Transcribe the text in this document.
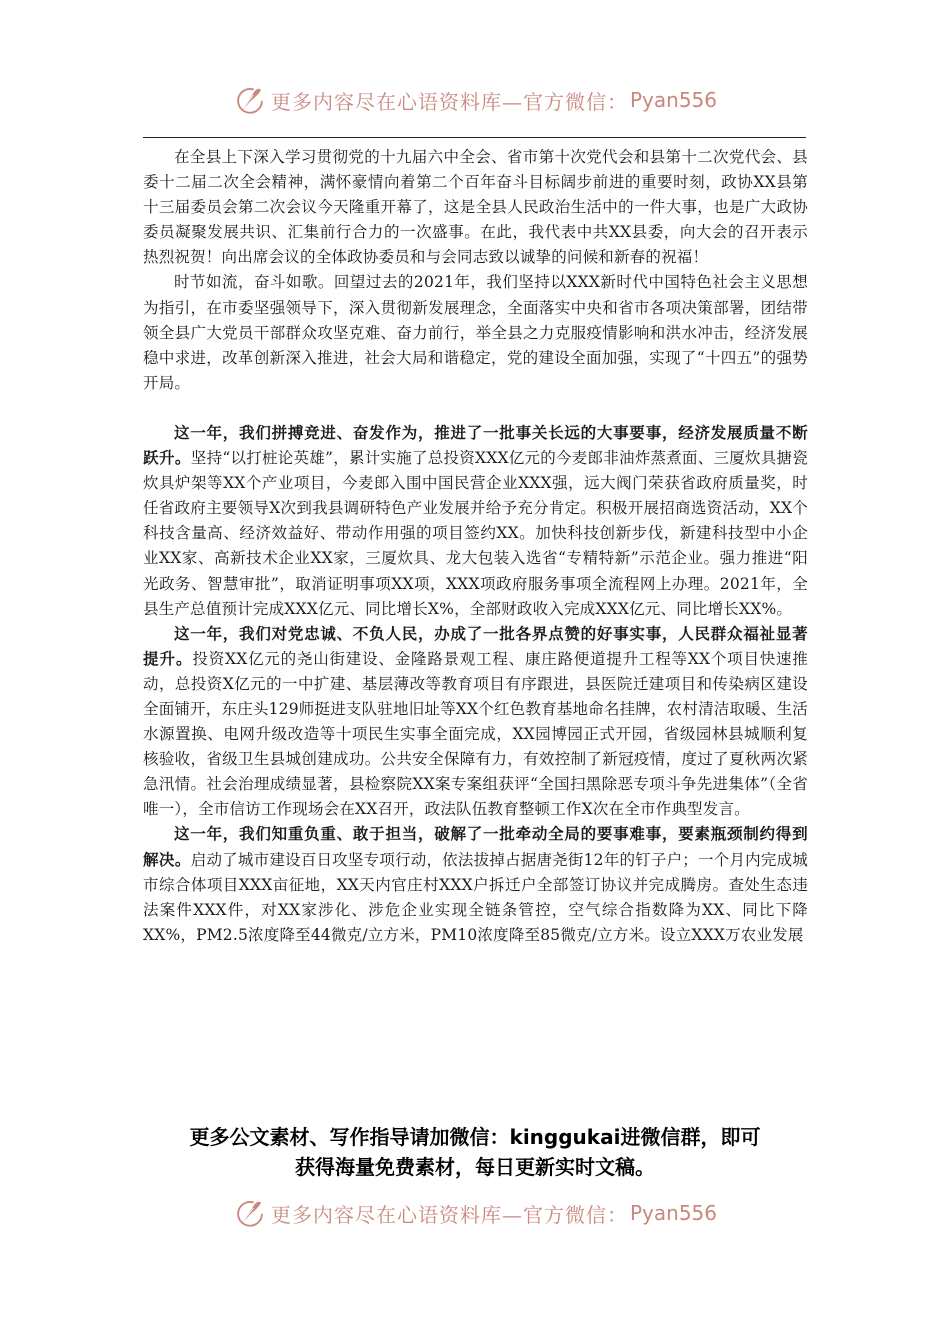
更多内容尽在心语资料库—官方微信： Pyan556

在全县上下深入学习贯彻党的十九届六中全会、省市第十次党代会和县第十二次党代会、县委十二届二次全会精神，满怀豪情向着第二个百年奋斗目标阔步前进的重要时刻，政协XX县第十三届委员会第二次会议今天隆重开幕了，这是全县人民政治生活中的一件大事，也是广大政协委员凝聚发展共识、汇集前行合力的一次盛事。在此，我代表中共XX县委，向大会的召开表示热烈祝贺！向出席会议的全体政协委员和与会同志致以诚挚的问候和新春的祝福！

时节如流，奋斗如歌。回望过去的2021年，我们坚持以XXX新时代中国特色社会主义思想为指引，在市委坚强领导下，深入贯彻新发展理念，全面落实中央和省市各项决策部署，团结带领全县广大党员干部群众攻坚克难、奋力前行，举全县之力克服疫情影响和洪水冲击，经济发展稳中求进，改革创新深入推进，社会大局和谐稳定，党的建设全面加强，实现了“十四五”的强势开局。

这一年，我们拼搏竞进、奋发作为，推进了一批事关长远的大事要事，经济发展质量不断跃升。坚持“以打桩论英雄”，累计实施了总投资XXX亿元的今麦郎非油炸蒸煮面、三厦炊具搪瓷炊具炉架等XX个产业项目，今麦郎入围中国民营企业XXX强，远大阀门荣获省政府质量奖，时任省政府主要领导X次到我县调研特色产业发展并给予充分肯定。积极开展招商选资活动，XX个科技含量高、经济效益好、带动作用强的项目签约XX。加快科技创新步伐，新建科技型中小企业XX家、高新技术企业XX家，三厦炊具、龙大包装入选省“专精特新”示范企业。强力推进“阳光政务、智慧审批”，取消证明事项XX项，XXX项政府服务事项全流程网上办理。2021年，全县生产总值预计完成XXX亿元、同比增长X%，全部财政收入完成XXX亿元、同比增长XX%。

这一年，我们对党忠诚、不负人民，办成了一批各界点赞的好事实事，人民群众福祉显著提升。投资XX亿元的尧山街建设、金隆路景观工程、康庄路便道提升工程等XX个项目快速推动，总投资X亿元的一中扩建、基层薄改等教育项目有序跟进，县医院迁建项目和传染病区建设全面铺开，东庄头129师挺进支队驻地旧址等XX个红色教育基地命名挂牌，农村清洁取暖、生活水源置换、电网升级改造等十项民生实事全面完成，XX园博园正式开园，省级园林县城顺利复核验收，省级卫生县城创建成功。公共安全保障有力，有效控制了新冠疫情，度过了夏秋两次紧急汛情。社会治理成绩显著，县检察院XX案专案组获评“全国扫黑除恶专项斗争先进集体”（全省唯一），全市信访工作现场会在XX召开，政法队伍教育整顿工作X次在全市作典型发言。

这一年，我们知重负重、敢于担当，破解了一批牵动全局的要事难事，要素瓶颈制约得到解决。启动了城市建设百日攻坚专项行动，依法拔掉占据唐尧街12年的钉子户；一个月内完成城市综合体项目XXX亩征地，XX天内官庄村XXX户拆迁户全部签订协议并完成腾房。查处生态违法案件XXX件，对XX家涉化、涉危企业实现全链条管控，空气综合指数降为XX、同比下降XX%，PM2.5浓度降至44微克/立方米，PM10浓度降至85微克/立方米。设立XXX万农业发展

更多公文素材、写作指导请加微信：kinggukai进微信群，即可
获得海量免费素材，每日更新实时文稿。
更多内容尽在心语资料库—官方微信： Pyan556
